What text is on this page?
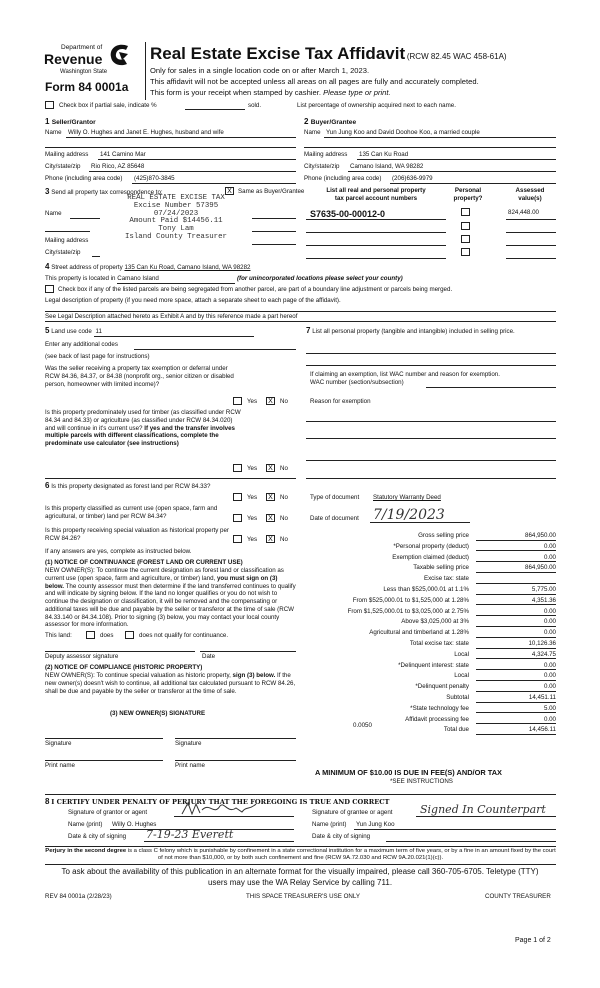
Department of
Revenue
Washington State
Form 84 0001a
Real Estate Excise Tax Affidavit (RCW 82.45 WAC 458-61A)
Only for sales in a single location code on or after March 1, 2023.
This affidavit will not be accepted unless all areas on all pages are fully and accurately completed.
This form is your receipt when stamped by cashier. Please type or print.
Check box if partial sale, indicate %	sold.	List percentage of ownership acquired next to each name.
1 Seller/Grantor
Name Willy O. Hughes and Janet E. Hughes, husband and wife
Mailing address 141 Camino Mar
City/state/zip Rio Rico, AZ 85648
Phone (including area code) (425)870-3845
2 Buyer/Grantee
Name Yun Jung Koo and David Doohoe Koo, a married couple
Mailing address 135 Can Ku Road
City/state/zip Camano Island, WA 98282
Phone (including area code) (206)636-9979
3 Send all property tax correspondence to:	X Same as Buyer/Grantee
Name
Mailing address
City/state/zip
REAL ESTATE EXCISE TAX
Excise Number 57395
07/24/2023
Amount Paid $14456.11
Tony Lam
Island County Treasurer
List all real and personal property
tax parcel account numbers
Personal
property?
Assessed
value(s)
S7635-00-00012-0	824,448.00
4 Street address of property 135 Can Ku Road, Camano Island, WA 98282
This property is located in Camano Island	(for unincorporated locations please select your county)
Check box if any of the listed parcels are being segregated from another parcel, are part of a boundary line adjustment or parcels being merged.
Legal description of property (if you need more space, attach a separate sheet to each page of the affidavit).
See Legal Description attached hereto as Exhibit A and by this reference made a part hereof
5 Land use code 11
Enter any additional codes
(see back of last page for instructions)
Was the seller receiving a property tax exemption or deferral under RCW 84.36, 84.37, or 84.38 (nonprofit org., senior citizen or disabled person, homeowner with limited income)?
Yes	X	No
Is this property predominately used for timber (as classified under RCW 84.34 and 84.33) or agriculture (as classified under RCW 84.34.020) and will continue in it's current use? If yes and the transfer involves multiple parcels with different classifications, complete the predominate use calculator (see instructions)
Yes	X	No
6 Is this property designated as forest land per RCW 84.33?
Yes	X	No
Is this property classified as current use (open space, farm and agricultural, or timber) land per RCW 84.34?	Yes	X	No
Is this property receiving special valuation as historical property per RCW 84.26?	Yes	X	No
If any answers are yes, complete as instructed below.
(1) NOTICE OF CONTINUANCE (FOREST LAND OR CURRENT USE)
NEW OWNER(S): To continue the current designation as forest land or classification as current use (open space, farm and agriculture, or timber) land, you must sign on (3) below. The county assessor must then determine if the land transferred continues to qualify and will indicate by signing below. If the land no longer qualifies or you do not wish to continue the designation or classification, it will be removed and the compensating or additional taxes will be due and payable by the seller or transferor at the time of sale (RCW 84.33.140 or 84.34.108). Prior to signing (3) below, you may contact your local county assessor for more information.
This land:	does	does not qualify for continuance.
Deputy assessor signature	Date
(2) NOTICE OF COMPLIANCE (HISTORIC PROPERTY)
NEW OWNER(S): To continue special valuation as historic property, sign (3) below. If the new owner(s) doesn't wish to continue, all additional tax calculated pursuant to RCW 84.26, shall be due and payable by the seller or transferor at the time of sale.
(3) NEW OWNER(S) SIGNATURE
Signature	Signature
Print name	Print name
7 List all personal property (tangible and intangible) included in selling price.
If claiming an exemption, list WAC number and reason for exemption.
WAC number (section/subsection)
Reason for exemption
Type of document Statutory Warranty Deed
Date of document 7/19/2023
Gross selling price	864,950.00
*Personal property (deduct)	0.00
Exemption claimed (deduct)	0.00
Taxable selling price	864,950.00
Excise tax: state
Less than $525,000.01 at 1.1%	5,775.00
From $525,000.01 to $1,525,000 at 1.28%	4,351.36
From $1,525,000.01 to $3,025,000 at 2.75%	0.00
Above $3,025,000 at 3%	0.00
Agricultural and timberland at 1.28%	0.00
Total excise tax: state	10,126.36
Local	4,324.75
*Delinquent interest: state	0.00
Local	0.00
*Delinquent penalty	0.00
Subtotal	14,451.11
*State technology fee	5.00
Affidavit processing fee	0.00
Total due	14,456.11
0.0050
A MINIMUM OF $10.00 IS DUE IN FEE(S) AND/OR TAX
*SEE INSTRUCTIONS
8 I CERTIFY UNDER PENALTY OF PERJURY THAT THE FOREGOING IS TRUE AND CORRECT
Signature of grantor or agent
Name (print) Willy O. Hughes
Date & city of signing 7-19-23 Everett
Signature of grantee or agent	Signed In Counterpart
Name (print) Yun Jung Koo
Date & city of signing
Perjury in the second degree is a class C felony which is punishable by confinement in a state correctional institution for a maximum term of five years, or by a fine in an amount fixed by the court of not more than $10,000, or by both such confinement and fine (RCW 9A.72.030 and RCW 9A.20.021(1)(c)).
To ask about the availability of this publication in an alternate format for the visually impaired, please call 360-705-6705. Teletype (TTY) users may use the WA Relay Service by calling 711.
REV 84 0001a (2/28/23)	THIS SPACE TREASURER'S USE ONLY	COUNTY TREASURER
Page 1 of 2
